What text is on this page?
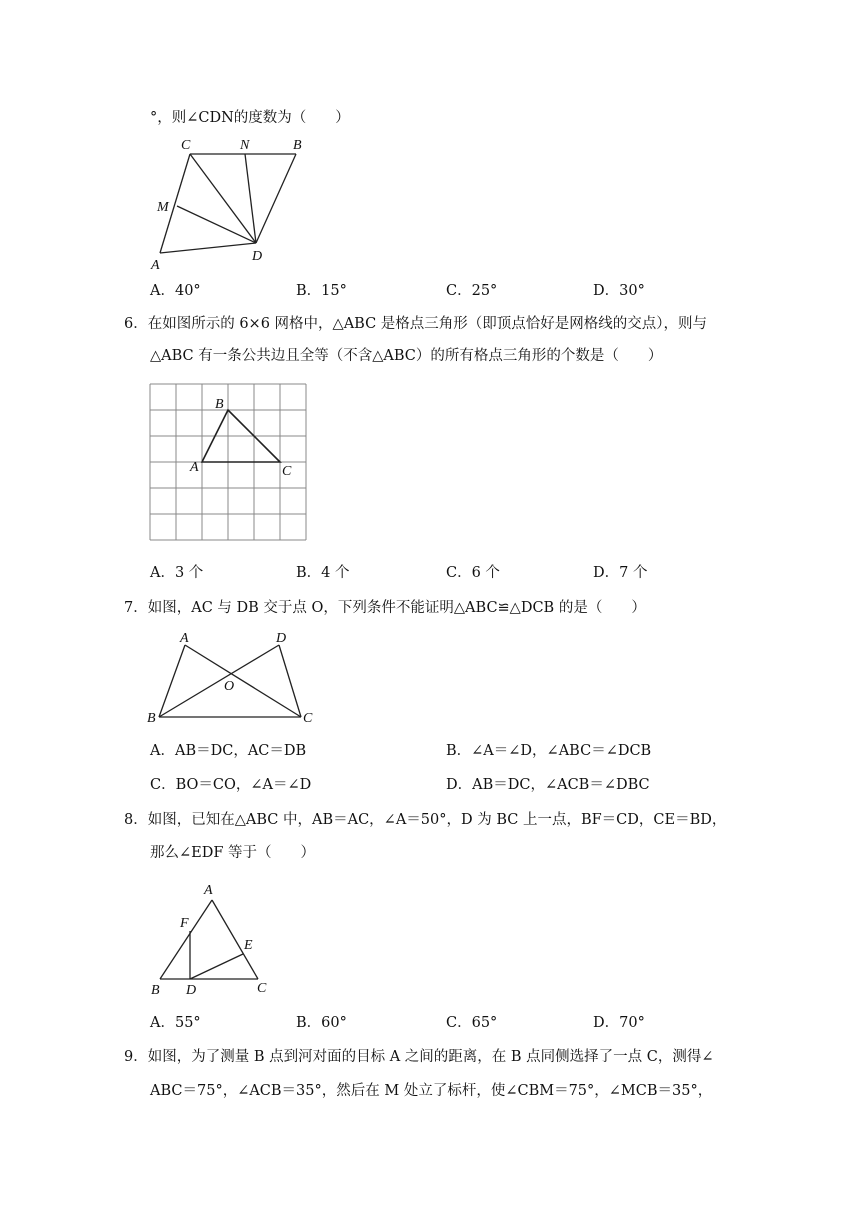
°，则∠CDN的度数为（　　）
C	N	B
M
A
D
A．40°	B．15°	C．25°	D．30°
6．在如图所示的 6×6 网格中，△ABC 是格点三角形（即顶点恰好是网格线的交点），则与
△ABC 有一条公共边且全等（不含△ABC）的所有格点三角形的个数是（　　）
A
B
C
A．3 个	B．4 个	C．6 个	D．7 个
7．如图，AC 与 DB 交于点 O，下列条件不能证明△ABC≌△DCB 的是（　　）
A	D
O
B	C
A．AB＝DC，AC＝DB	B．∠A＝∠D，∠ABC＝∠DCB
C．BO＝CO，∠A＝∠D	D．AB＝DC，∠ACB＝∠DBC
8．如图，已知在△ABC 中，AB＝AC，∠A＝50°，D 为 BC 上一点，BF＝CD，CE＝BD，
那么∠EDF 等于（　　）
A
F
E
B D	C
A．55°	B．60°	C．65°	D．70°
9．如图，为了测量 B 点到河对面的目标 A 之间的距离，在 B 点同侧选择了一点 C，测得∠
ABC＝75°，∠ACB＝35°，然后在 M 处立了标杆，使∠CBM＝75°，∠MCB＝35°，
